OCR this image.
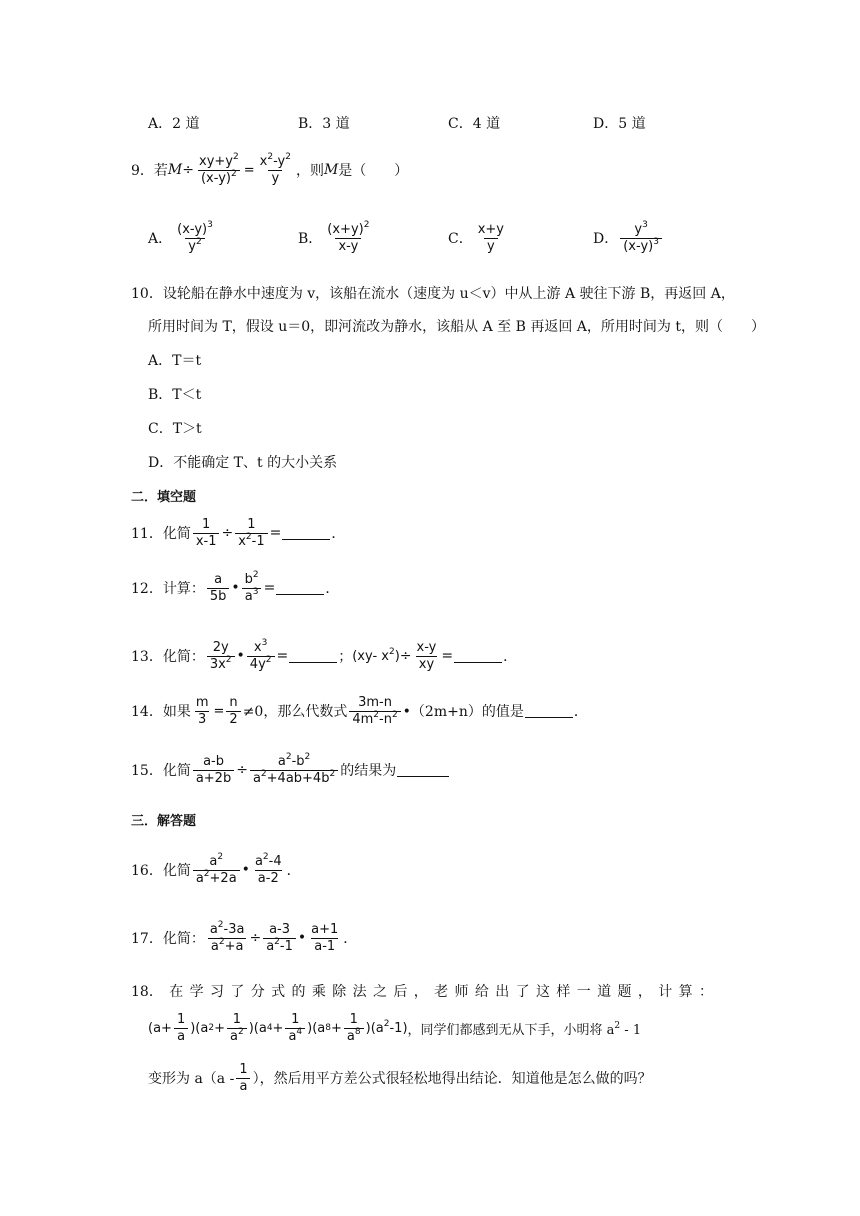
A．2 道	B．3 道	C．4 道	D．5 道
9． 若 $M \div \frac{xy+y^2}{(x-y)^2} = \frac{x^2-y^2}{y}$ ，则 M 是（　　）
A． $\frac{(x-y)^3}{y^2}$	B． $\frac{(x+y)^2}{x-y}$	C． $\frac{x+y}{y}$	D． $\frac{y^3}{(x-y)^3}$
10．设轮船在静水中速度为 v，该船在流水（速度为 u＜v）中从上游 A 驶往下游 B，再返回 A，
所用时间为 T，假设 u＝0，即河流改为静水，该船从 A 至 B 再返回 A，所用时间为 t，则（　　）
A．T＝t
B．T＜t
C．T＞t
D．不能确定 T、t 的大小关系
二．填空题
11．化简 $\frac{1}{x-1} \div \frac{1}{x^2-1}$ =	．
12．计算： $\frac{a}{5b}$ • $\frac{b^2}{a^3}$ =	．
13．化简： $\frac{2y}{3x^2}$ • $\frac{x^3}{4y^2}$ =	； (xy- $x^2) \div \frac{x-y}{xy}$ =	．
14．如果 $\frac{m}{3} = \frac{n}{2} \ne 0$，那么代数式 $\frac{3m-n}{4m^2-n^2}$ •（2m+n）的值是	．
15．化简 $\frac{a-b}{a+2b} \div \frac{a^2-b^2}{a^2+4ab+4b^2}$ 的结果为
三．解答题
16．化简 $\frac{a^2}{a^2+2a}$ • $\frac{a^2-4}{a-2}$ ．
17．化简： $\frac{a^2-3a}{a^2+a} \div \frac{a-3}{a^2-1}$ • $\frac{a+1}{a-1}$ ．
18． 在 学 习 了 分 式 的 乘 除 法 之 后 ， 老 师 给 出 了 这 样 一 道 题 ， 计 算 ：
($a+ \frac{1}{a}$ ) (a $2 + \frac{1}{a^2}$ ) (a $4 + \frac{1}{a^4}$ ) (a $8 + \frac{1}{a^8}$ ) $(a^2-1)$ ，同学们都感到无从下手，小明将 $a^2 - 1$
变形为 $a(a - \frac{1}{a}$ ），然后用平方差公式很轻松地得出结论．知道他是怎么做的吗？
